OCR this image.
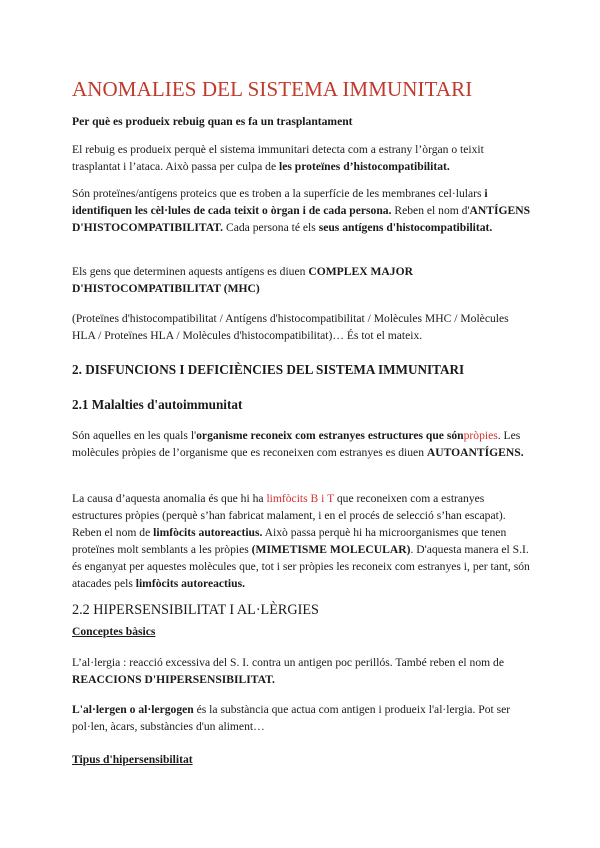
ANOMALIES DEL SISTEMA IMMUNITARI

Per què es produeix rebuig quan es fa un trasplantament

El rebuig es produeix perquè el sistema immunitari detecta com a estrany l’òrgan o teixit trasplantat i l’ataca. Això passa per culpa de les proteïnes d’histocompatibilitat.

Són proteïnes/antígens proteics que es troben a la superfície de les membranes cel·lulars i identifiquen les cèl·lules de cada teixit o òrgan i de cada persona. Reben el nom d'ANTÍGENS D'HISTOCOMPATIBILITAT. Cada persona té els seus antígens d'histocompatibilitat.

Els gens que determinen aquests antígens es diuen COMPLEX MAJOR D'HISTOCOMPATIBILITAT (MHC)

(Proteïnes d'histocompatibilitat / Antígens d'histocompatibilitat / Molècules MHC / Molècules HLA / Proteïnes HLA / Molècules d'histocompatibilitat)… És tot el mateix.

2. DISFUNCIONS I DEFICIÈNCIES DEL SISTEMA IMMUNITARI

2.1 Malalties d'autoimmunitat

Són aquelles en les quals l'organisme reconeix com estranyes estructures que sónpròpies. Les molècules pròpies de l’organisme que es reconeixen com estranyes es diuen AUTOANTÍGENS.

La causa d’aquesta anomalia és que hi ha limfòcits B i T que reconeixen com a estranyes estructures pròpies (perquè s’han fabricat malament, i en el procés de selecció s’han escapat). Reben el nom de limfòcits autoreactius. Això passa perquè hi ha microorganismes que tenen proteïnes molt semblants a les pròpies (MIMETISME MOLECULAR). D'aquesta manera el S.I. és enganyat per aquestes molècules que, tot i ser pròpies les reconeix com estranyes i, per tant, són atacades pels limfòcits autoreactius.

2.2 HIPERSENSIBILITAT I AL·LÈRGIES

Conceptes bàsics

L’al·lergia : reacció excessiva del S. I. contra un antigen poc perillós. També reben el nom de REACCIONS D'HIPERSENSIBILITAT.

L'al·lergen o al·lergogen és la substància que actua com antigen i produeix l'al·lergia. Pot ser pol·len, àcars, substàncies d'un aliment…

Tipus d'hipersensibilitat
